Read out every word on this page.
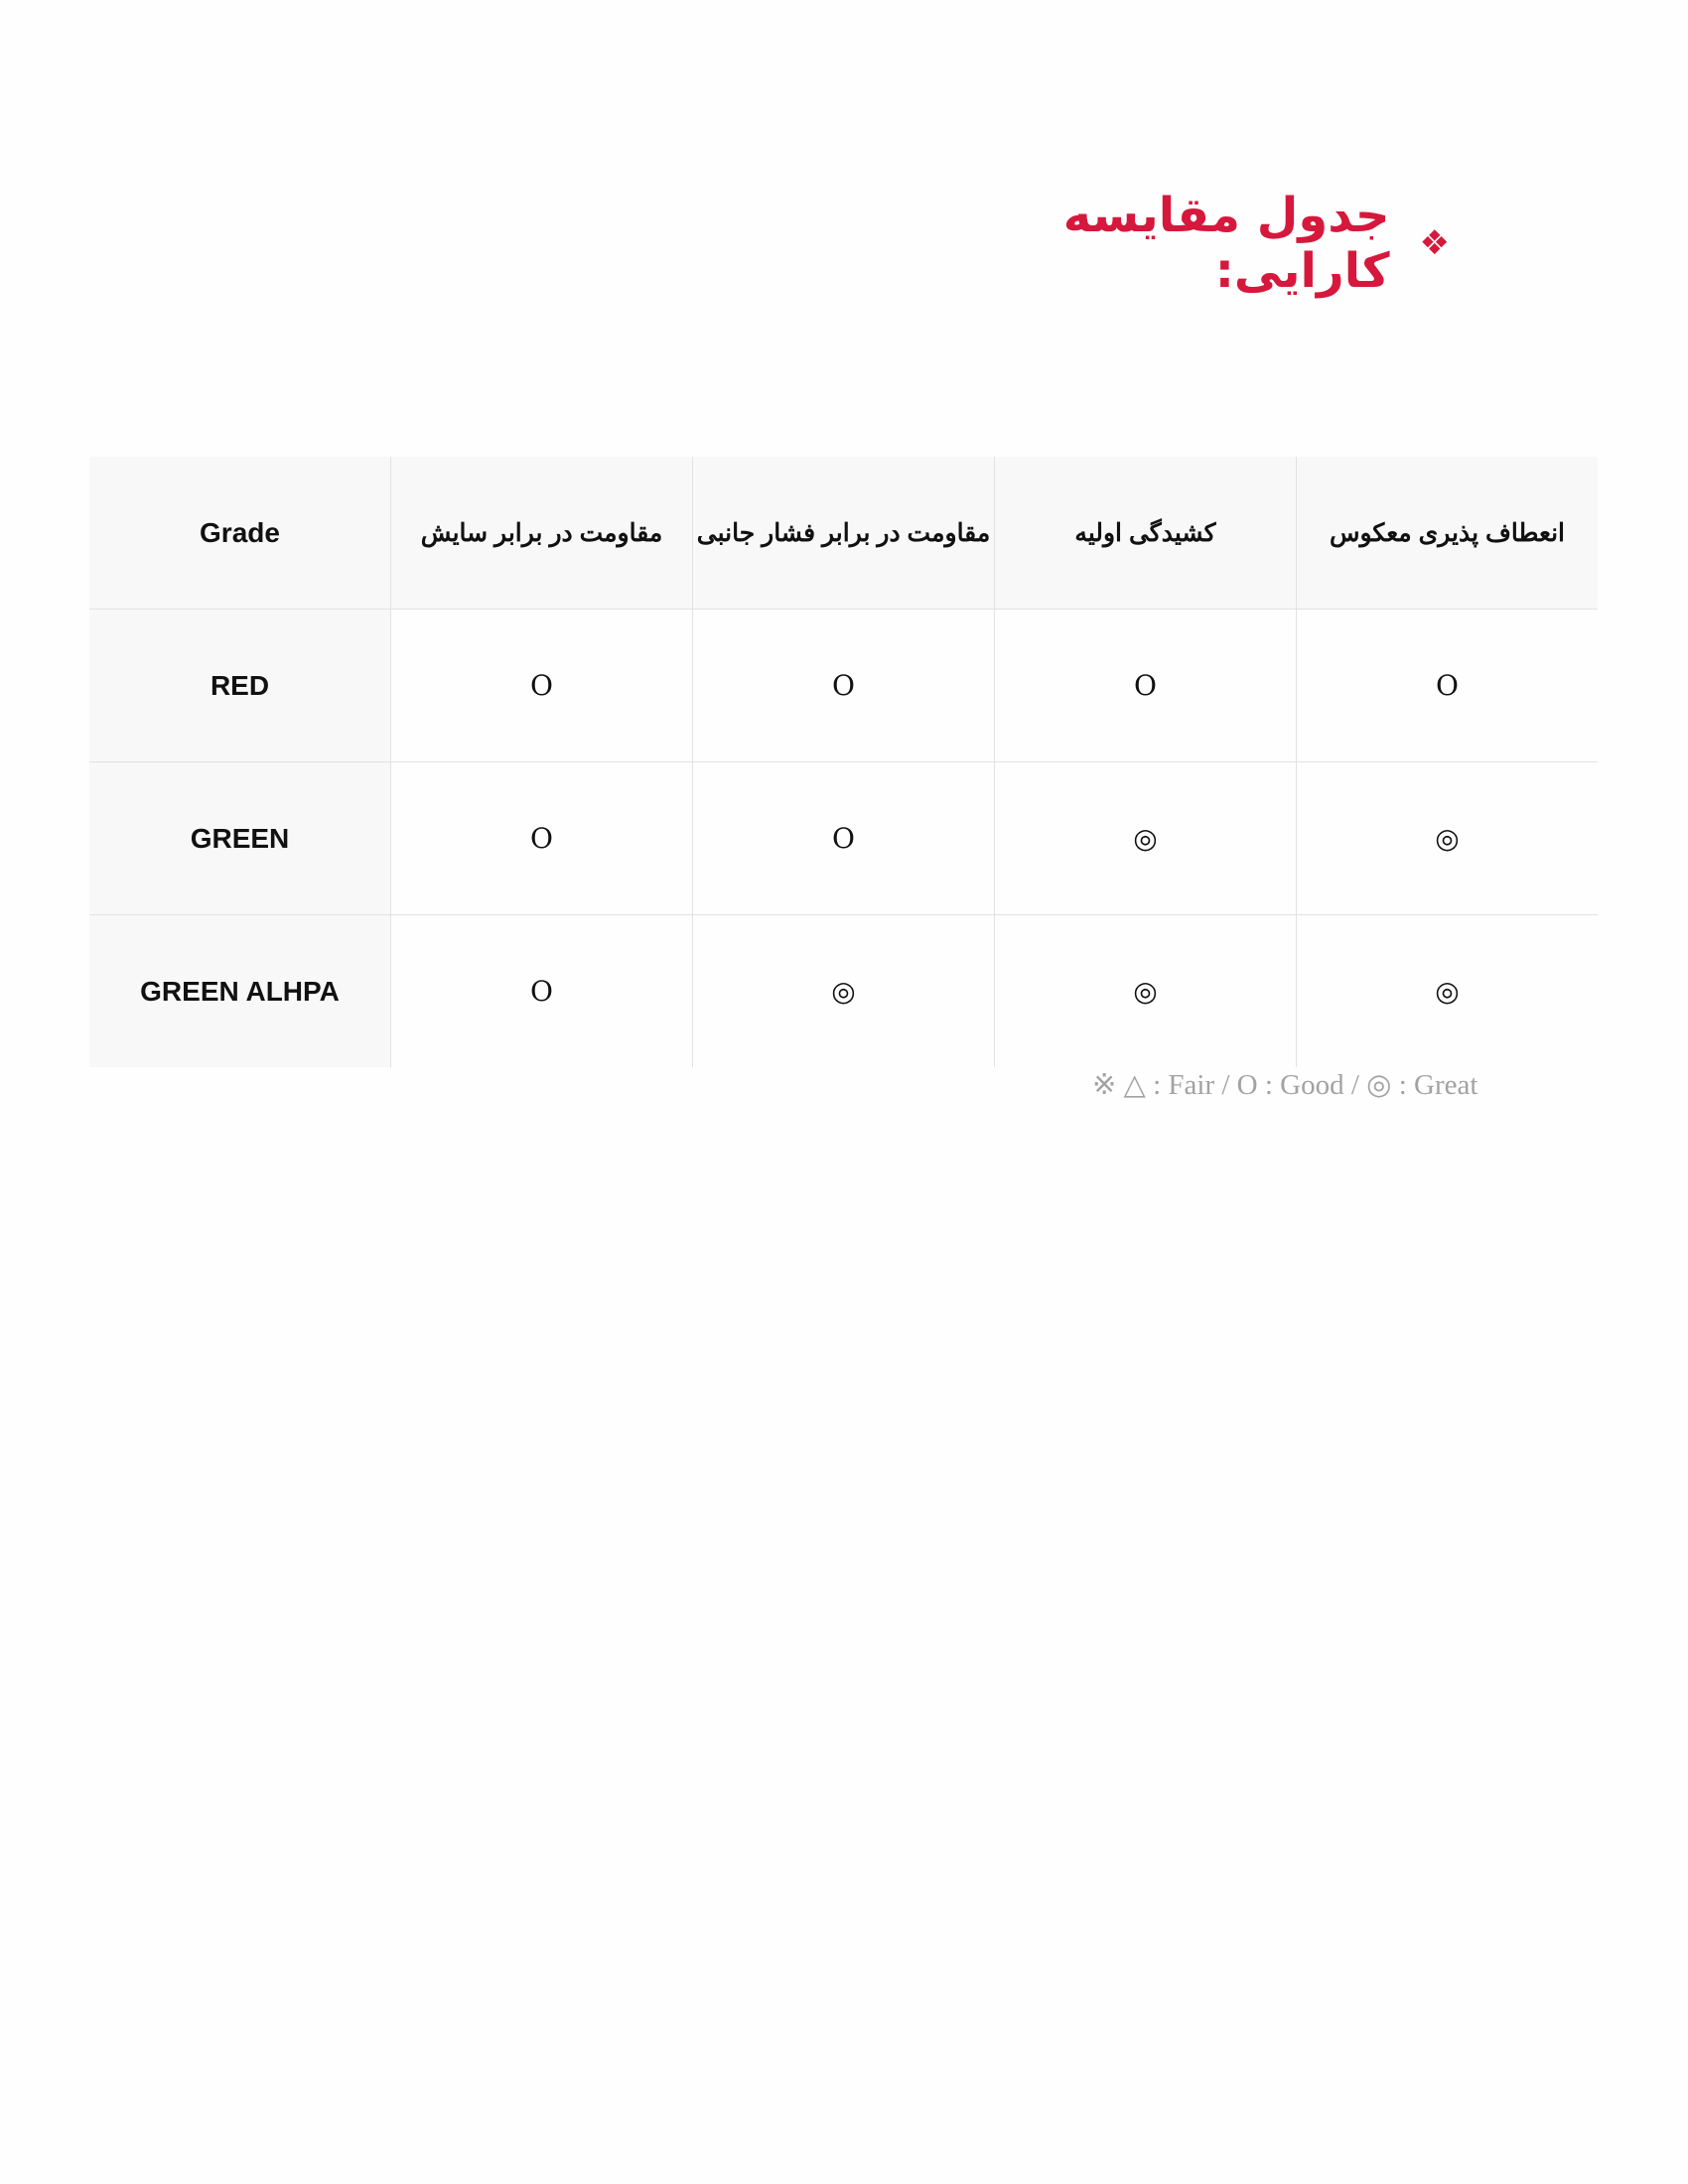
❖
جدول مقایسه کارایی:
Grade	مقاومت در برابر سایش	مقاومت در برابر فشار جانبی	کشیدگی اولیه	انعطاف پذیری معکوس
RED	O	O	O	O
GREEN	O	O	◎	◎
GREEN ALHPA	O	◎	◎	◎
※ △ : Fair / O : Good / ◎ : Great
